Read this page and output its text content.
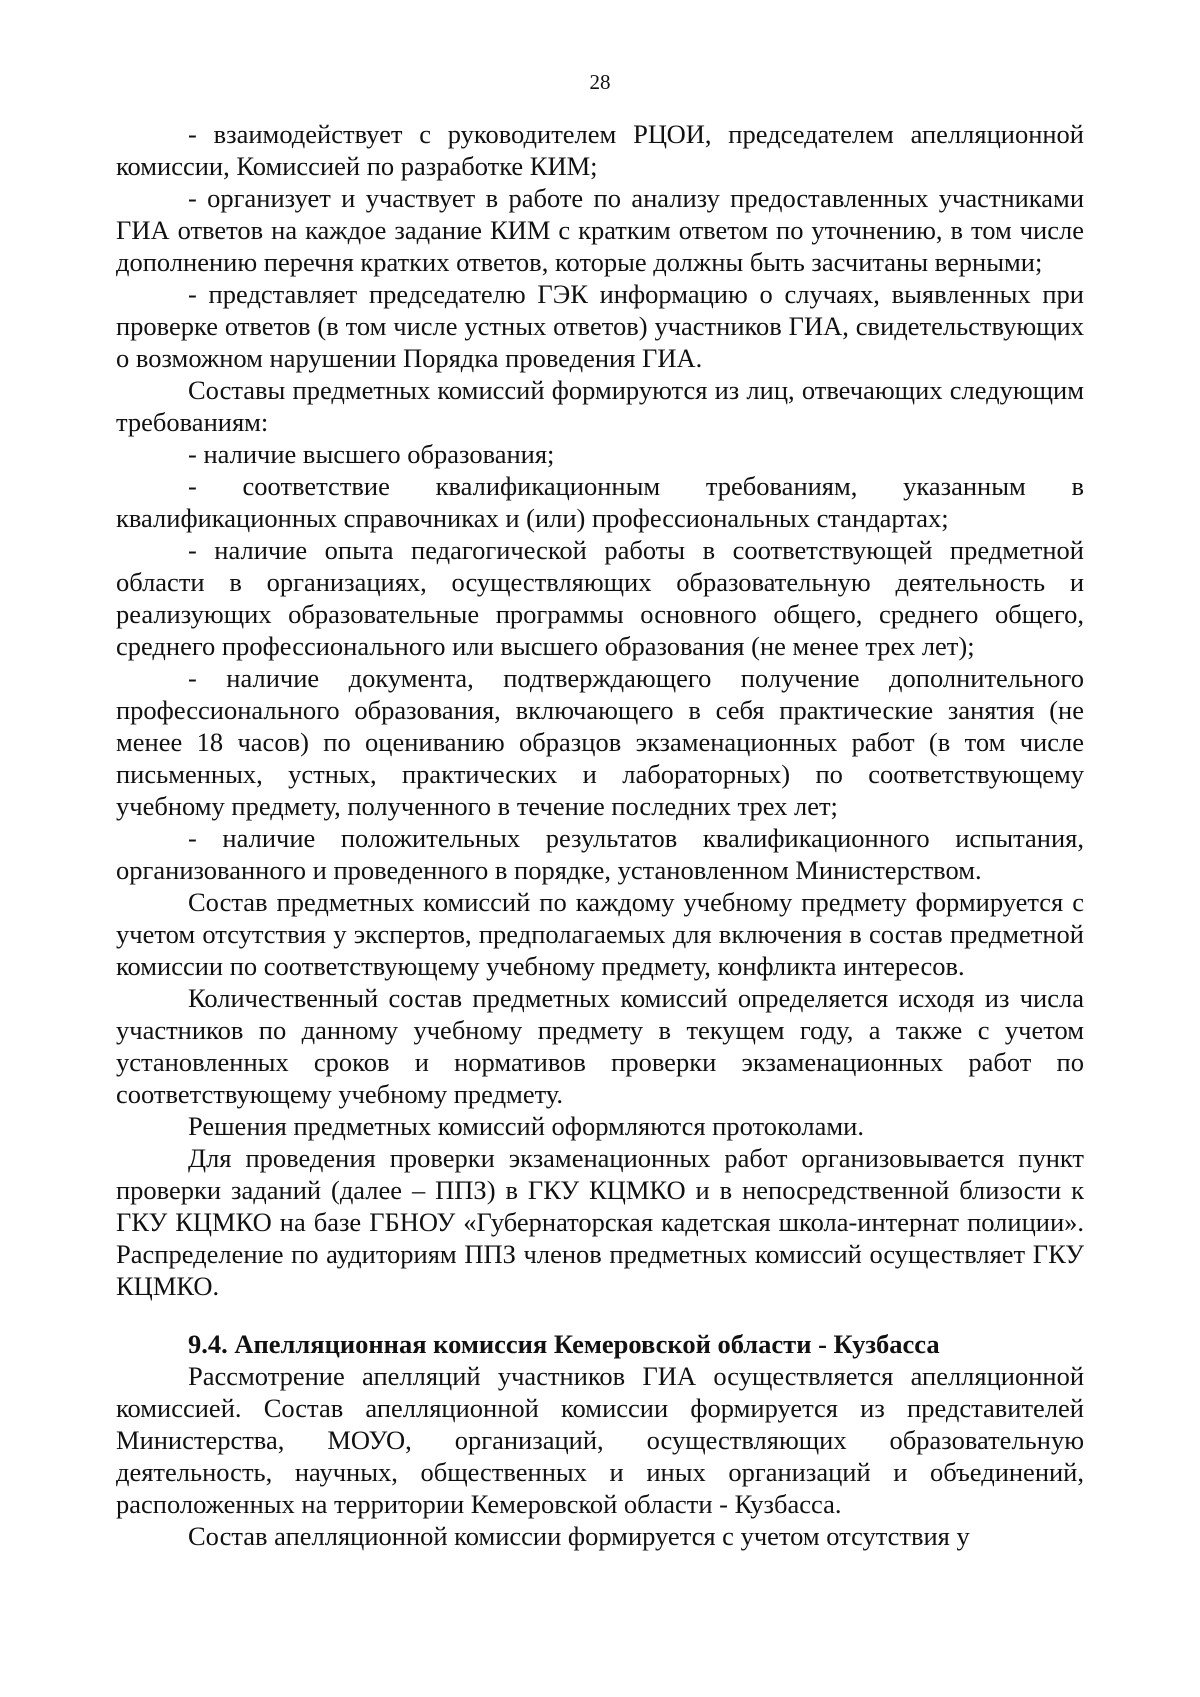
28

- взаимодействует с руководителем РЦОИ, председателем апелляционной комиссии, Комиссией по разработке КИМ;

- организует и участвует в работе по анализу предоставленных участниками ГИА ответов на каждое задание КИМ с кратким ответом по уточнению, в том числе дополнению перечня кратких ответов, которые должны быть засчитаны верными;

- представляет председателю ГЭК информацию о случаях, выявленных при проверке ответов (в том числе устных ответов) участников ГИА, свидетельствующих о возможном нарушении Порядка проведения ГИА.

Составы предметных комиссий формируются из лиц, отвечающих следующим требованиям:

- наличие высшего образования;

- соответствие квалификационным требованиям, указанным в квалификационных справочниках и (или) профессиональных стандартах;

- наличие опыта педагогической работы в соответствующей предметной области в организациях, осуществляющих образовательную деятельность и реализующих образовательные программы основного общего, среднего общего, среднего профессионального или высшего образования (не менее трех лет);

- наличие документа, подтверждающего получение дополнительного профессионального образования, включающего в себя практические занятия (не менее 18 часов) по оцениванию образцов экзаменационных работ (в том числе письменных, устных, практических и лабораторных) по соответствующему учебному предмету, полученного в течение последних трех лет;

- наличие положительных результатов квалификационного испытания, организованного и проведенного в порядке, установленном Министерством.

Состав предметных комиссий по каждому учебному предмету формируется с учетом отсутствия у экспертов, предполагаемых для включения в состав предметной комиссии по соответствующему учебному предмету, конфликта интересов.

Количественный состав предметных комиссий определяется исходя из числа участников по данному учебному предмету в текущем году, а также с учетом установленных сроков и нормативов проверки экзаменационных работ по соответствующему учебному предмету.

Решения предметных комиссий оформляются протоколами.

Для проведения проверки экзаменационных работ организовывается пункт проверки заданий (далее – ППЗ) в ГКУ КЦМКО и в непосредственной близости к ГКУ КЦМКО на базе ГБНОУ «Губернаторская кадетская школа-интернат полиции». Распределение по аудиториям ППЗ членов предметных комиссий осуществляет ГКУ КЦМКО.

9.4. Апелляционная комиссия Кемеровской области - Кузбасса

Рассмотрение апелляций участников ГИА осуществляется апелляционной комиссией. Состав апелляционной комиссии формируется из представителей Министерства, МОУО, организаций, осуществляющих образовательную деятельность, научных, общественных и иных организаций и объединений, расположенных на территории Кемеровской области - Кузбасса.

Состав апелляционной комиссии формируется с учетом отсутствия у
